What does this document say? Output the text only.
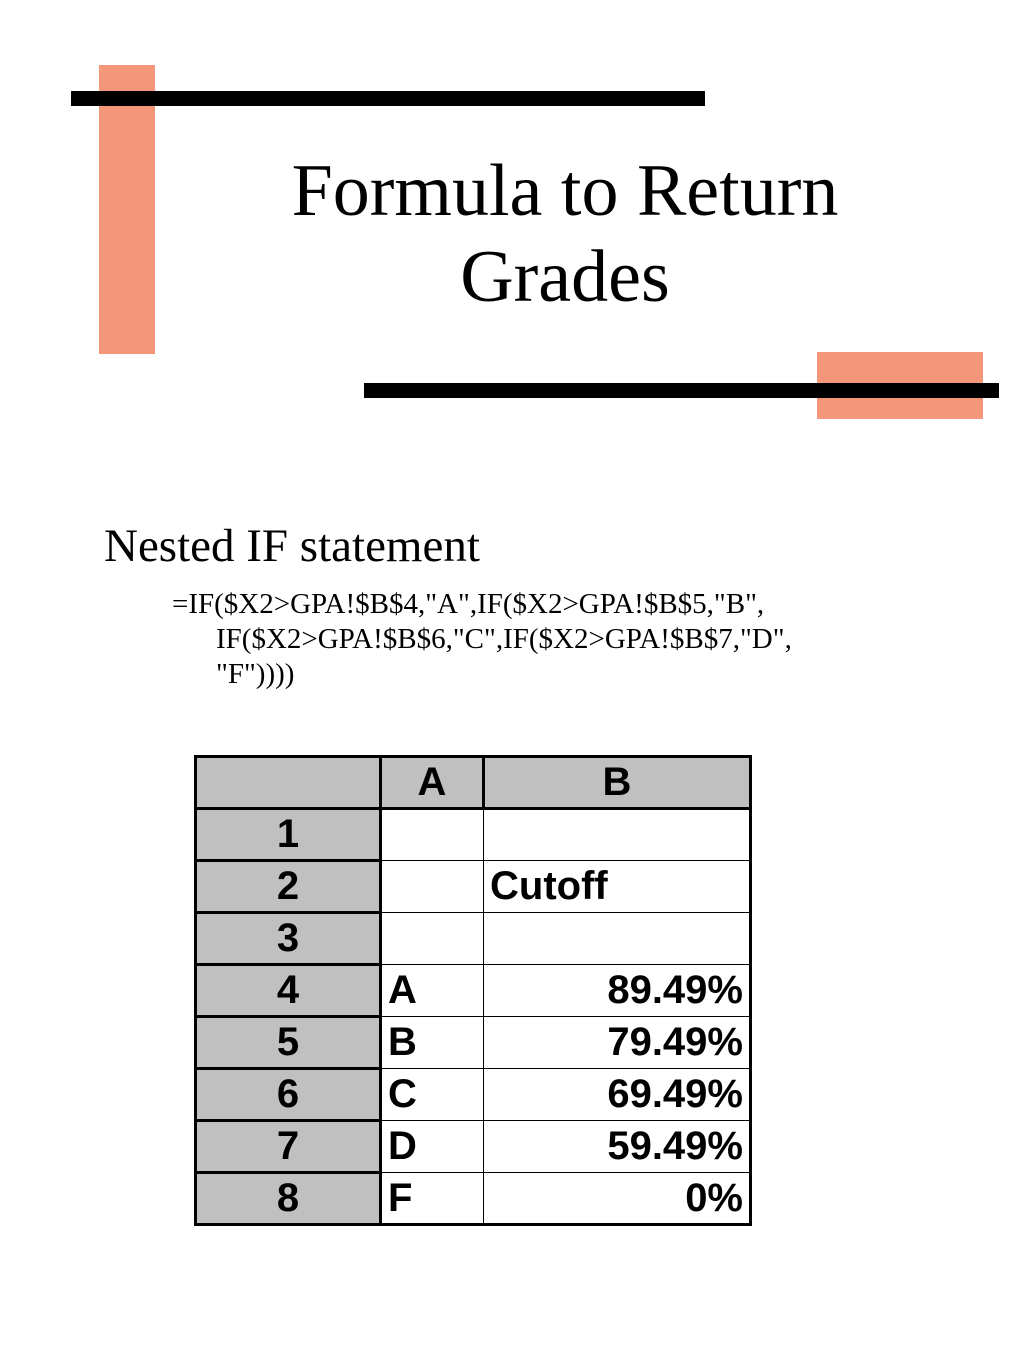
Formula to Return
Grades
Nested IF statement
=IF($X2>GPA!$B$4,"A",IF($X2>GPA!$B$5,"B",
IF($X2>GPA!$B$6,"C",IF($X2>GPA!$B$7,"D",
"F"))))
	A	B
1		
2		Cutoff
3		
4	A	89.49%
5	B	79.49%
6	C	69.49%
7	D	59.49%
8	F	0%
